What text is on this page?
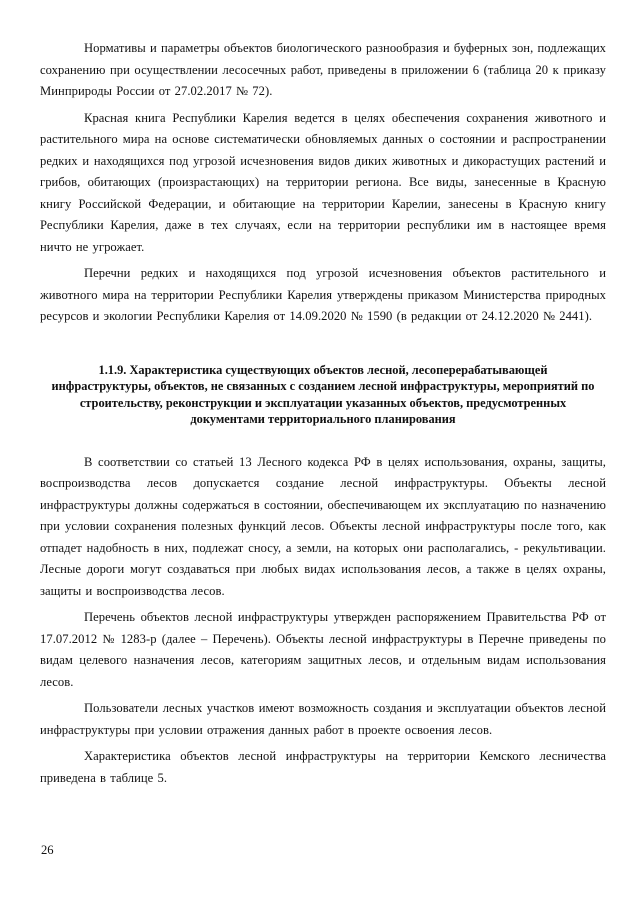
Нормативы и параметры объектов биологического разнообразия и буферных зон, подлежащих сохранению при осуществлении лесосечных работ, приведены в приложении 6 (таблица 20 к приказу Минприроды России от 27.02.2017 № 72).

Красная книга Республики Карелия ведется в целях обеспечения сохранения животного и растительного мира на основе систематически обновляемых данных о состоянии и распространении редких и находящихся под угрозой исчезновения видов диких животных и дикорастущих растений и грибов, обитающих (произрастающих) на территории региона. Все виды, занесенные в Красную книгу Российской Федерации, и обитающие на территории Карелии, занесены в Красную книгу Республики Карелия, даже в тех случаях, если на территории республики им в настоящее время ничто не угрожает.

Перечни редких и находящихся под угрозой исчезновения объектов растительного и животного мира на территории Республики Карелия утверждены приказом Министерства природных ресурсов и экологии Республики Карелия от 14.09.2020 № 1590 (в редакции от 24.12.2020 № 2441).

1.1.9. Характеристика существующих объектов лесной, лесоперерабатывающей инфраструктуры, объектов, не связанных с созданием лесной инфраструктуры, мероприятий по строительству, реконструкции и эксплуатации указанных объектов, предусмотренных документами территориального планирования

В соответствии со статьей 13 Лесного кодекса РФ в целях использования, охраны, защиты, воспроизводства лесов допускается создание лесной инфраструктуры. Объекты лесной инфраструктуры должны содержаться в состоянии, обеспечивающем их эксплуатацию по назначению при условии сохранения полезных функций лесов. Объекты лесной инфраструктуры после того, как отпадет надобность в них, подлежат сносу, а земли, на которых они располагались, - рекультивации. Лесные дороги могут создаваться при любых видах использования лесов, а также в целях охраны, защиты и воспроизводства лесов.

Перечень объектов лесной инфраструктуры утвержден распоряжением Правительства РФ от 17.07.2012 № 1283-р (далее – Перечень). Объекты лесной инфраструктуры в Перечне приведены по видам целевого назначения лесов, категориям защитных лесов, и отдельным видам использования лесов.

Пользователи лесных участков имеют возможность создания и эксплуатации объектов лесной инфраструктуры при условии отражения данных работ в проекте освоения лесов.

Характеристика объектов лесной инфраструктуры на территории Кемского лесничества приведена в таблице 5.

26
